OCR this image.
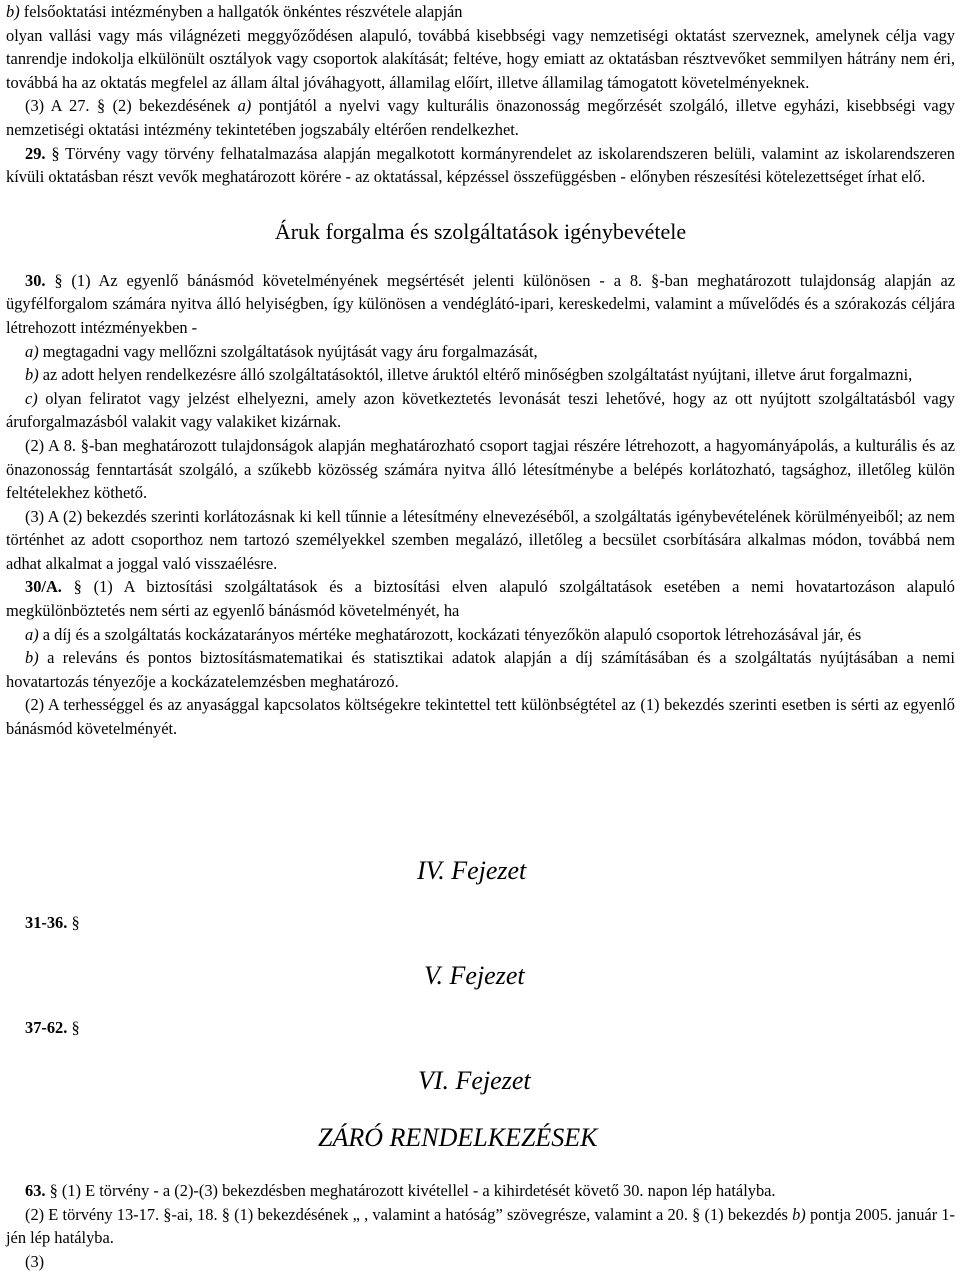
b) felsőoktatási intézményben a hallgatók önkéntes részvétele alapján

olyan vallási vagy más világnézeti meggyőződésen alapuló, továbbá kisebbségi vagy nemzetiségi oktatást szerveznek, amelynek célja vagy tanrendje indokolja elkülönült osztályok vagy csoportok alakítását; feltéve, hogy emiatt az oktatásban résztvevőket semmilyen hátrány nem éri, továbbá ha az oktatás megfelel az állam által jóváhagyott, államilag előírt, illetve államilag támogatott követelményeknek.

(3) A 27. § (2) bekezdésének a) pontjától a nyelvi vagy kulturális önazonosság megőrzését szolgáló, illetve egyházi, kisebbségi vagy nemzetiségi oktatási intézmény tekintetében jogszabály eltérően rendelkezhet.

29. § Törvény vagy törvény felhatalmazása alapján megalkotott kormányrendelet az iskolarendszeren belüli, valamint az iskolarendszeren kívüli oktatásban részt vevők meghatározott körére - az oktatással, képzéssel összefüggésben - előnyben részesítési kötelezettséget írhat elő.

Áruk forgalma és szolgáltatások igénybevétele

30. § (1) Az egyenlő bánásmód követelményének megsértését jelenti különösen - a 8. §-ban meghatározott tulajdonság alapján az ügyfélforgalom számára nyitva álló helyiségben, így különösen a vendéglátó-ipari, kereskedelmi, valamint a művelődés és a szórakozás céljára létrehozott intézményekben -

a) megtagadni vagy mellőzni szolgáltatások nyújtását vagy áru forgalmazását,

b) az adott helyen rendelkezésre álló szolgáltatásoktól, illetve áruktól eltérő minőségben szolgáltatást nyújtani, illetve árut forgalmazni,

c) olyan feliratot vagy jelzést elhelyezni, amely azon következtetés levonását teszi lehetővé, hogy az ott nyújtott szolgáltatásból vagy áruforgalmazásból valakit vagy valakiket kizárnak.

(2) A 8. §-ban meghatározott tulajdonságok alapján meghatározható csoport tagjai részére létrehozott, a hagyományápolás, a kulturális és az önazonosság fenntartását szolgáló, a szűkebb közösség számára nyitva álló létesítménybe a belépés korlátozható, tagsághoz, illetőleg külön feltételekhez köthető.

(3) A (2) bekezdés szerinti korlátozásnak ki kell tűnnie a létesítmény elnevezéséből, a szolgáltatás igénybevételének körülményeiből; az nem történhet az adott csoporthoz nem tartozó személyekkel szemben megalázó, illetőleg a becsület csorbítására alkalmas módon, továbbá nem adhat alkalmat a joggal való visszaélésre.

30/A. § (1) A biztosítási szolgáltatások és a biztosítási elven alapuló szolgáltatások esetében a nemi hovatartozáson alapuló megkülönböztetés nem sérti az egyenlő bánásmód követelményét, ha

a) a díj és a szolgáltatás kockázatarányos mértéke meghatározott, kockázati tényezőkön alapuló csoportok létrehozásával jár, és

b) a releváns és pontos biztosításmatematikai és statisztikai adatok alapján a díj számításában és a szolgáltatás nyújtásában a nemi hovatartozás tényezője a kockázatelemzésben meghatározó.

(2) A terhességgel és az anyasággal kapcsolatos költségekre tekintettel tett különbségtétel az (1) bekezdés szerinti esetben is sérti az egyenlő bánásmód követelményét.

IV. Fejezet
31-36. §
V. Fejezet
37-62. §
VI. Fejezet
ZÁRÓ RENDELKEZÉSEK

63. § (1) E törvény - a (2)-(3) bekezdésben meghatározott kivétellel - a kihirdetését követő 30. napon lép hatályba.

(2) E törvény 13-17. §-ai, 18. § (1) bekezdésének „ , valamint a hatóság” szövegrésze, valamint a 20. § (1) bekezdés b) pontja 2005. január 1-jén lép hatályba.

(3)
